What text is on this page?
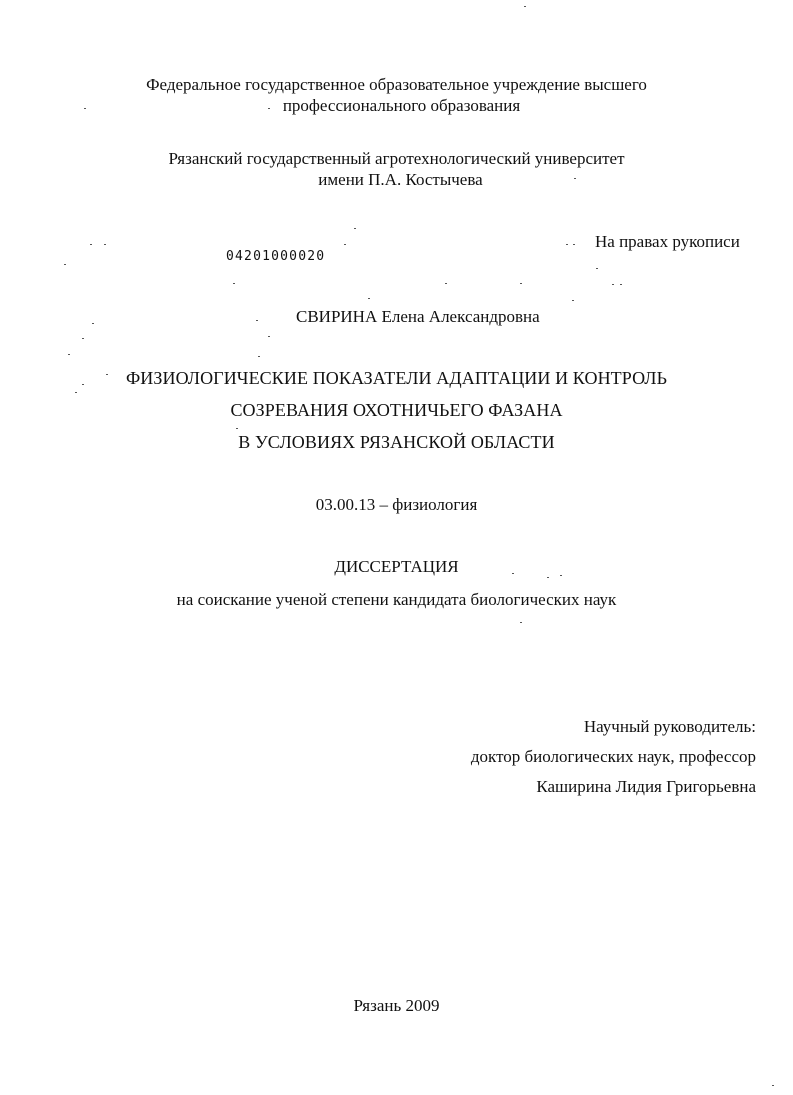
Федеральное государственное образовательное учреждение высшего
профессионального образования
Рязанский государственный агротехнологический университет
имени П.А. Костычева
На правах рукописи
04201000020
СВИРИНА Елена Александровна
ФИЗИОЛОГИЧЕСКИЕ ПОКАЗАТЕЛИ АДАПТАЦИИ И КОНТРОЛЬ
СОЗРЕВАНИЯ ОХОТНИЧЬЕГО ФАЗАНА
В УСЛОВИЯХ РЯЗАНСКОЙ ОБЛАСТИ
03.00.13 – физиология
ДИССЕРТАЦИЯ
на соискание ученой степени кандидата биологических наук
Научный руководитель:
доктор биологических наук, профессор
Каширина Лидия Григорьевна
Рязань 2009
